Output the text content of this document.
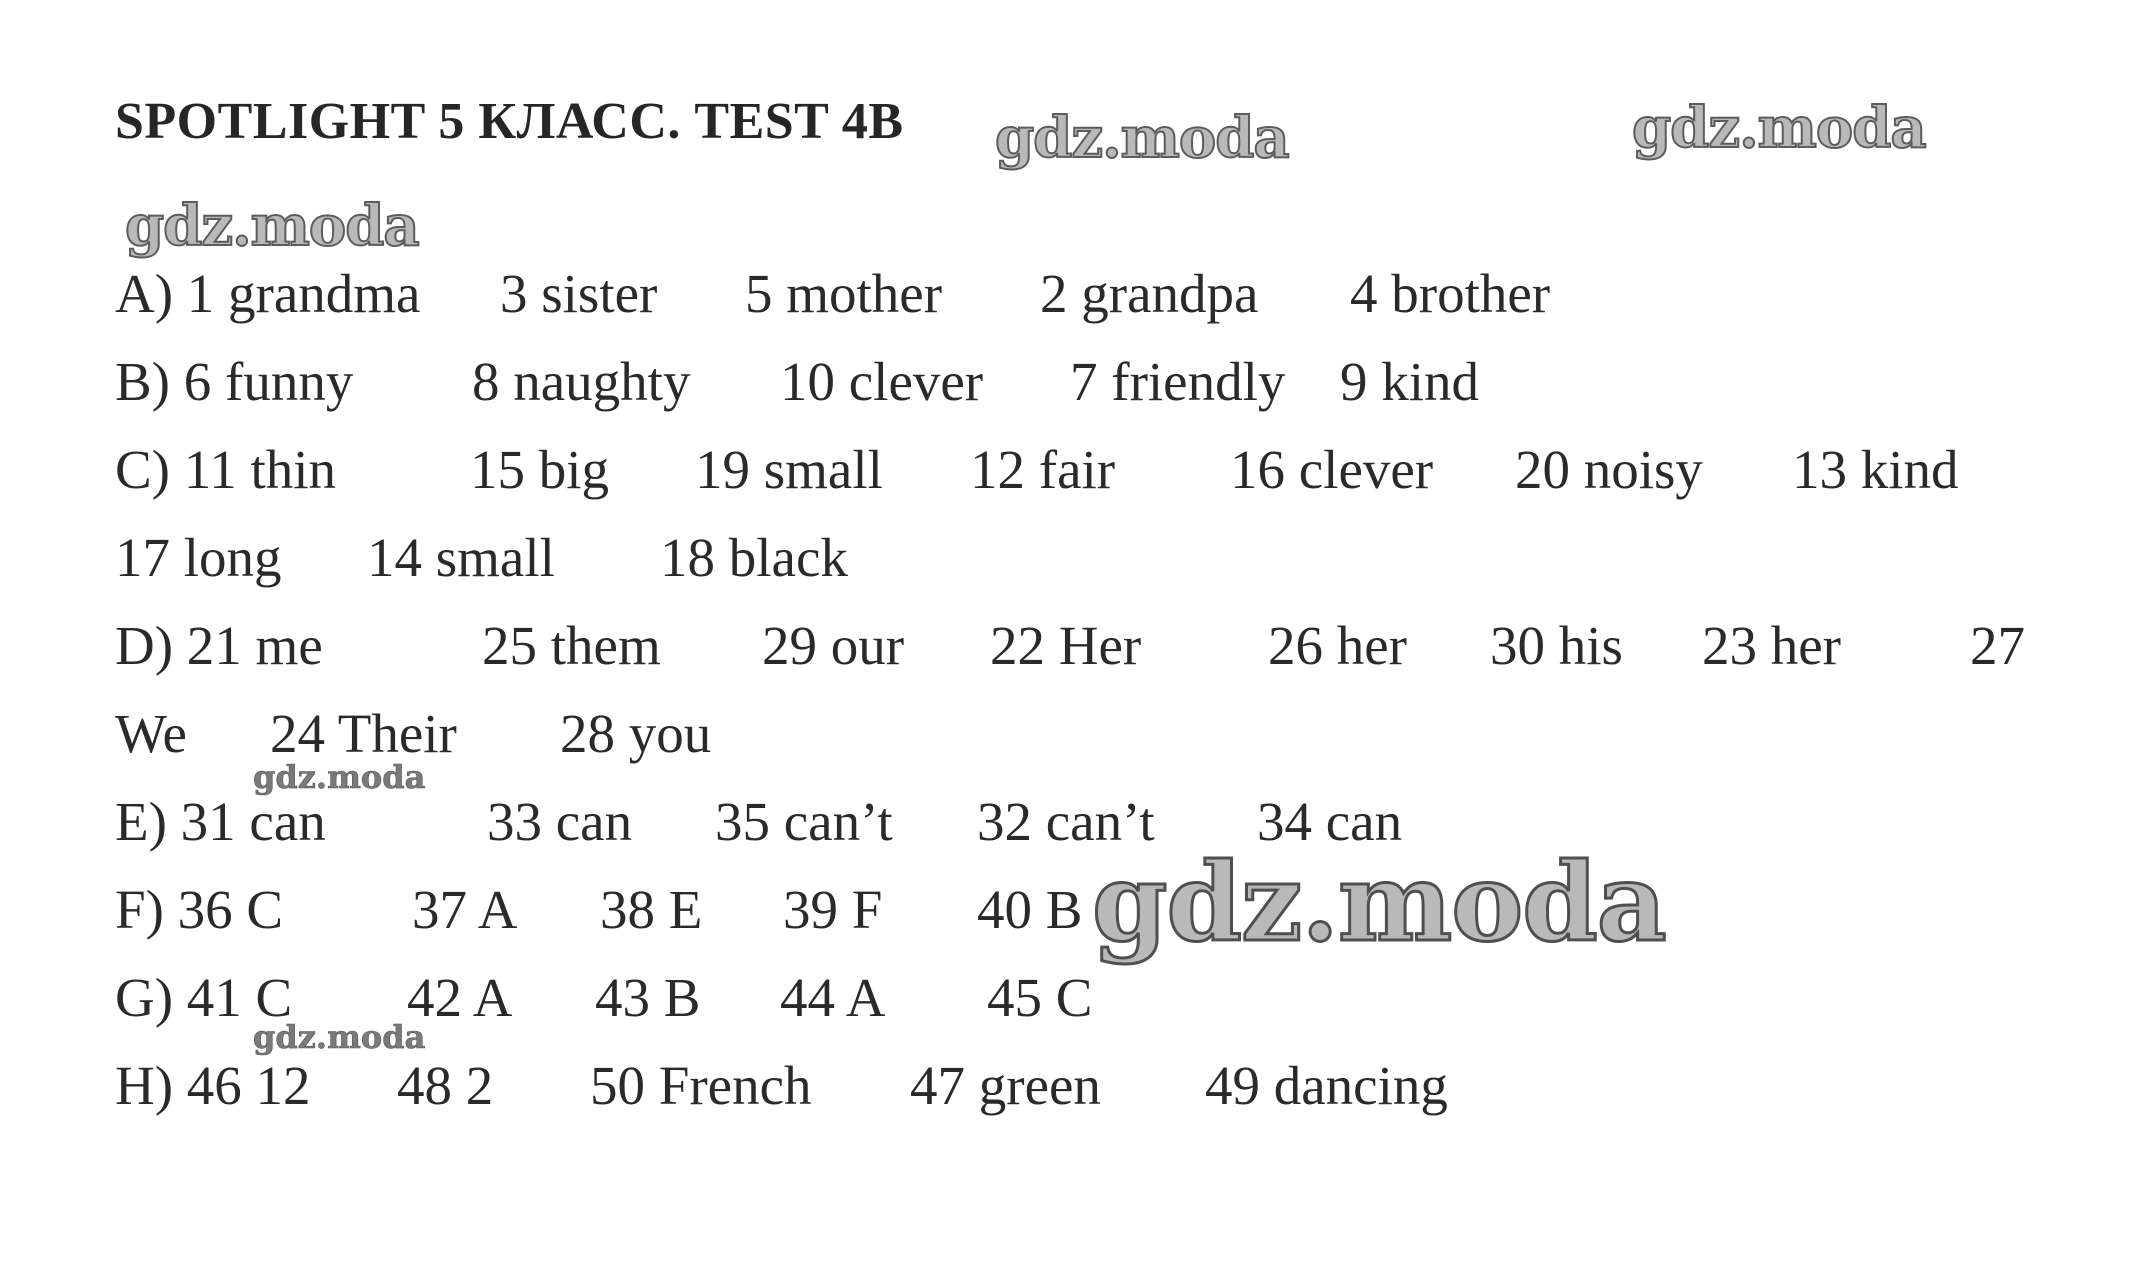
SPOTLIGHT 5 КЛАСС. TEST 4B
A) 1 grandma 3 sister 5 mother 2 grandpa 4 brother
B) 6 funny 8 naughty 10 clever 7 friendly 9 kind
C) 11 thin 15 big 19 small 12 fair 16 clever 20 noisy 13 kind
17 long 14 small 18 black
D) 21 me	25 them 29 our 22 Her 26 her 30 his 23 her 27
We 24 Their 28 you
E) 31 can	33 can 35 can’t 32 can’t 34 can
F) 36 C 37 A 38 E 39 F 40 B
G) 41 C 42 A 43 B 44 A 45 C
H) 46 12 48 2 50 French 47 green 49 dancing
gdz.moda	gdz.moda
gdz.moda
gdz.moda
gdz.moda
gdz.moda
